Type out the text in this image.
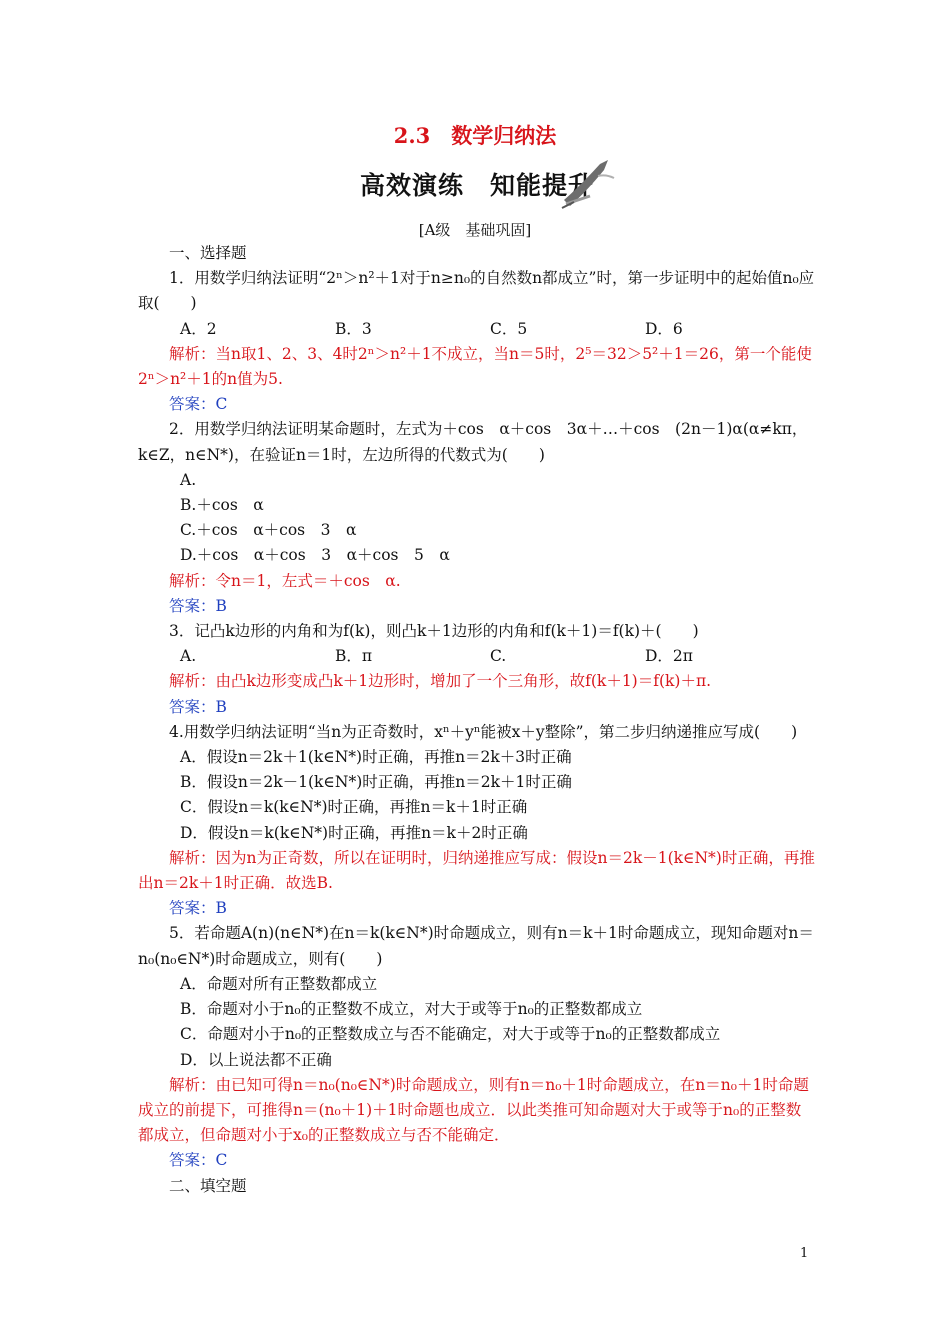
2.3　数学归纳法
高效演练　知能提升
[A级　基础巩固]

一、选择题

1．用数学归纳法证明“2ⁿ＞n²＋1对于n≥n₀的自然数n都成立”时，第一步证明中的起始值n₀应取(　　)

A．2	B．3	C．5	D．6

解析：当n取1、2、3、4时2ⁿ＞n²＋1不成立，当n＝5时，2⁵＝32＞5²＋1＝26，第一个能使2ⁿ＞n²＋1的n值为5.

答案：C

2．用数学归纳法证明某命题时，左式为＋cos　α＋cos　3α＋…＋cos　(2n－1)α(α≠kπ，k∈Z，n∈N*)，在验证n＝1时，左边所得的代数式为(　　)

A.

B.＋cos　α

C.＋cos　α＋cos　3　α

D.＋cos　α＋cos　3　α＋cos　5　α

解析：令n＝1，左式＝＋cos　α.

答案：B

3．记凸k边形的内角和为f(k)，则凸k＋1边形的内角和f(k＋1)＝f(k)＋(　　)

A.	B．π	C.	D．2π

解析：由凸k边形变成凸k＋1边形时，增加了一个三角形，故f(k＋1)＝f(k)＋π.

答案：B

4.用数学归纳法证明“当n为正奇数时，xⁿ＋yⁿ能被x＋y整除”，第二步归纳递推应写成(　　)

A．假设n＝2k＋1(k∈N*)时正确，再推n＝2k＋3时正确

B．假设n＝2k－1(k∈N*)时正确，再推n＝2k＋1时正确

C．假设n＝k(k∈N*)时正确，再推n＝k＋1时正确

D．假设n＝k(k∈N*)时正确，再推n＝k＋2时正确

解析：因为n为正奇数，所以在证明时，归纳递推应写成：假设n＝2k－1(k∈N*)时正确，再推出n＝2k＋1时正确．故选B.

答案：B

5．若命题A(n)(n∈N*)在n＝k(k∈N*)时命题成立，则有n＝k＋1时命题成立，现知命题对n＝n₀(n₀∈N*)时命题成立，则有(　　)

A．命题对所有正整数都成立

B．命题对小于n₀的正整数不成立，对大于或等于n₀的正整数都成立

C．命题对小于n₀的正整数成立与否不能确定，对大于或等于n₀的正整数都成立

D．以上说法都不正确

解析：由已知可得n＝n₀(n₀∈N*)时命题成立，则有n＝n₀＋1时命题成立，在n＝n₀＋1时命题成立的前提下，可推得n＝(n₀＋1)＋1时命题也成立．以此类推可知命题对大于或等于n₀的正整数都成立，但命题对小于x₀的正整数成立与否不能确定．

答案：C

二、填空题

1
